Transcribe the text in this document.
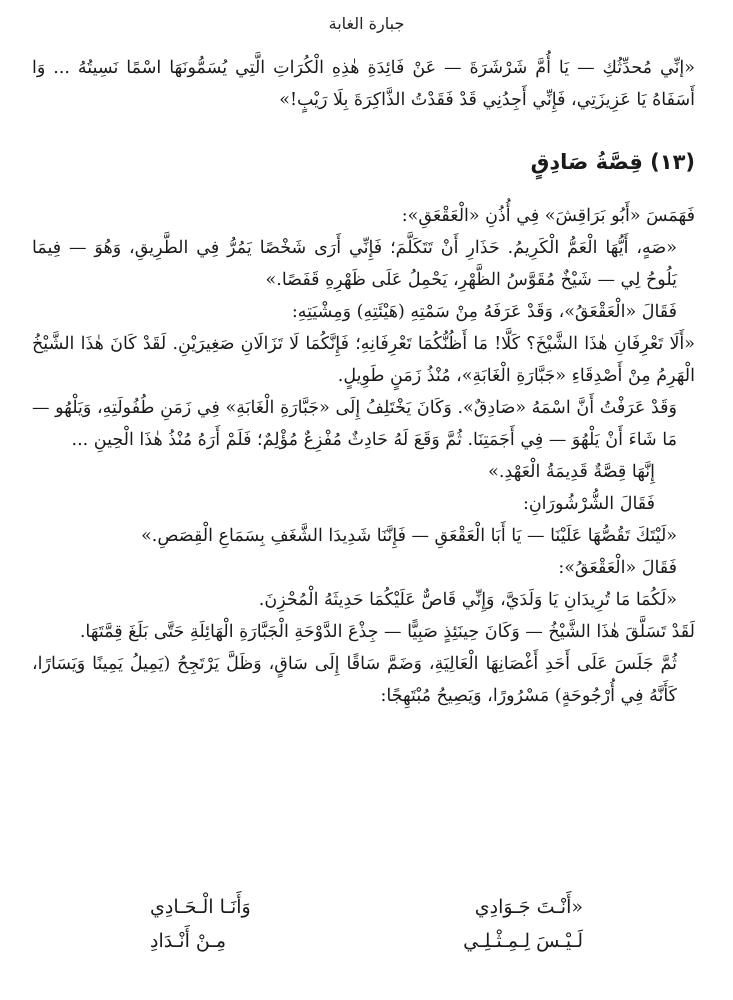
جبارة الغابة

«إنِّي مُحدِّثُكِ — يَا أُمَّ شَرْشَرَةَ — عَنْ فَائِدَةِ هٰذِهِ الْكُرَاتِ الَّتِي يُسَمُّونَهَا اسْمًا نَسِيتُهُ ... وَا أَسَفَاهُ يَا عَزِيزَتِي، فَإِنِّي أَجِدُنِي قَدْ فَقَدْتُ الذَّاكِرَةَ بِلَا رَيْبٍ!»

(١٣) قِصَّةُ صَادِقٍ

فَهَمَسَ «أَبُو بَرَاقِشَ» فِي أُذُنِ «الْعَقْعَقِ»:

«صَهٍ، أَيُّهَا الْعَمُّ الْكَرِيمُ. حَذَارِ أَنْ تَتَكَلَّمَ؛ فَإِنِّي أَرَى شَخْصًا يَمُرُّ فِي الطَّرِيقِ، وَهُوَ — فِيمَا يَلُوحُ لِي — شَيْخٌ مُقَوَّسُ الظَّهْرِ، يَحْمِلُ عَلَى ظَهْرِهِ قَفَصًا.»

فَقَالَ «الْعَقْعَقُ»، وَقَدْ عَرَفَهُ مِنْ سَمْتِهِ (هَيْئَتِهِ) وَمِشْيَتِهِ:

«أَلَا تَعْرِفَانِ هٰذَا الشَّيْخَ؟ كَلَّا! مَا أَظُنُّكُمَا تَعْرِفَانِهِ؛ فَإِنَّكُمَا لَا تَزَالَانِ صَغِيرَيْنِ. لَقَدْ كَانَ هٰذَا الشَّيْخُ الْهَرِمُ مِنْ أَصْدِقَاءِ «جَبَّارَةِ الْغَابَةِ»، مُنْذُ زَمَنٍ طَوِيلٍ.

وَقَدْ عَرَفْتُ أَنَّ اسْمَهُ «صَادِقٌ». وَكَانَ يَخْتَلِفُ إِلَى «جَبَّارَةِ الْغَابَةِ» فِي زَمَنِ طُفُولَتِهِ، وَيَلْهُو — مَا شَاءَ أَنْ يَلْهُوَ — فِي أَجَمَتِنَا. ثُمَّ وَقَعَ لَهُ حَادِثٌ مُفْزِعٌ مُؤْلِمٌ؛ فَلَمْ أَرَهُ مُنْذُ هٰذَا الْحِينِ ...

إِنَّهَا قِصَّةٌ قَدِيمَةُ الْعَهْدِ.»

فَقَالَ الشُّرْشُورَانِ:

«لَيْتَكَ تَقُصُّهَا عَلَيْنَا — يَا أَبَا الْعَقْعَقِ — فَإِنَّنَا شَدِيدَا الشَّغَفِ بِسَمَاعِ الْقِصَصِ.»

فَقَالَ «الْعَقْعَقُ»:

«لَكُمَا مَا تُرِيدَانِ يَا وَلَدَيَّ، وَإِنِّي قَاصٌّ عَلَيْكُمَا حَدِيثَهُ الْمُحْزِنَ.

لَقَدْ تَسَلَّقَ هٰذَا الشَّيْخُ — وَكَانَ حِينَئِذٍ صَبِيًّا — جِذْعَ الدَّوْحَةِ الْجَبَّارَةِ الْهَائِلَةِ حَتَّى بَلَغَ قِمَّتَهَا.

ثُمَّ جَلَسَ عَلَى أَحَدِ أَغْصَانِهَا الْعَالِيَةِ، وَضَمَّ سَاقًا إِلَى سَاقٍ، وَظَلَّ يَرْتَجِحُ (يَمِيلُ يَمِينًا وَيَسَارًا، كَأَنَّهُ فِي أُرْجُوحَةٍ) مَسْرُورًا، وَيَصِيحُ مُبْتَهِجًا:

«أَنْـتَ جَـوَادِي
وَأَنَـا الْـحَـادِي
لَـيْـسَ لِـمِـثْـلِـي
مِـنْ أَنْـدَادِ
